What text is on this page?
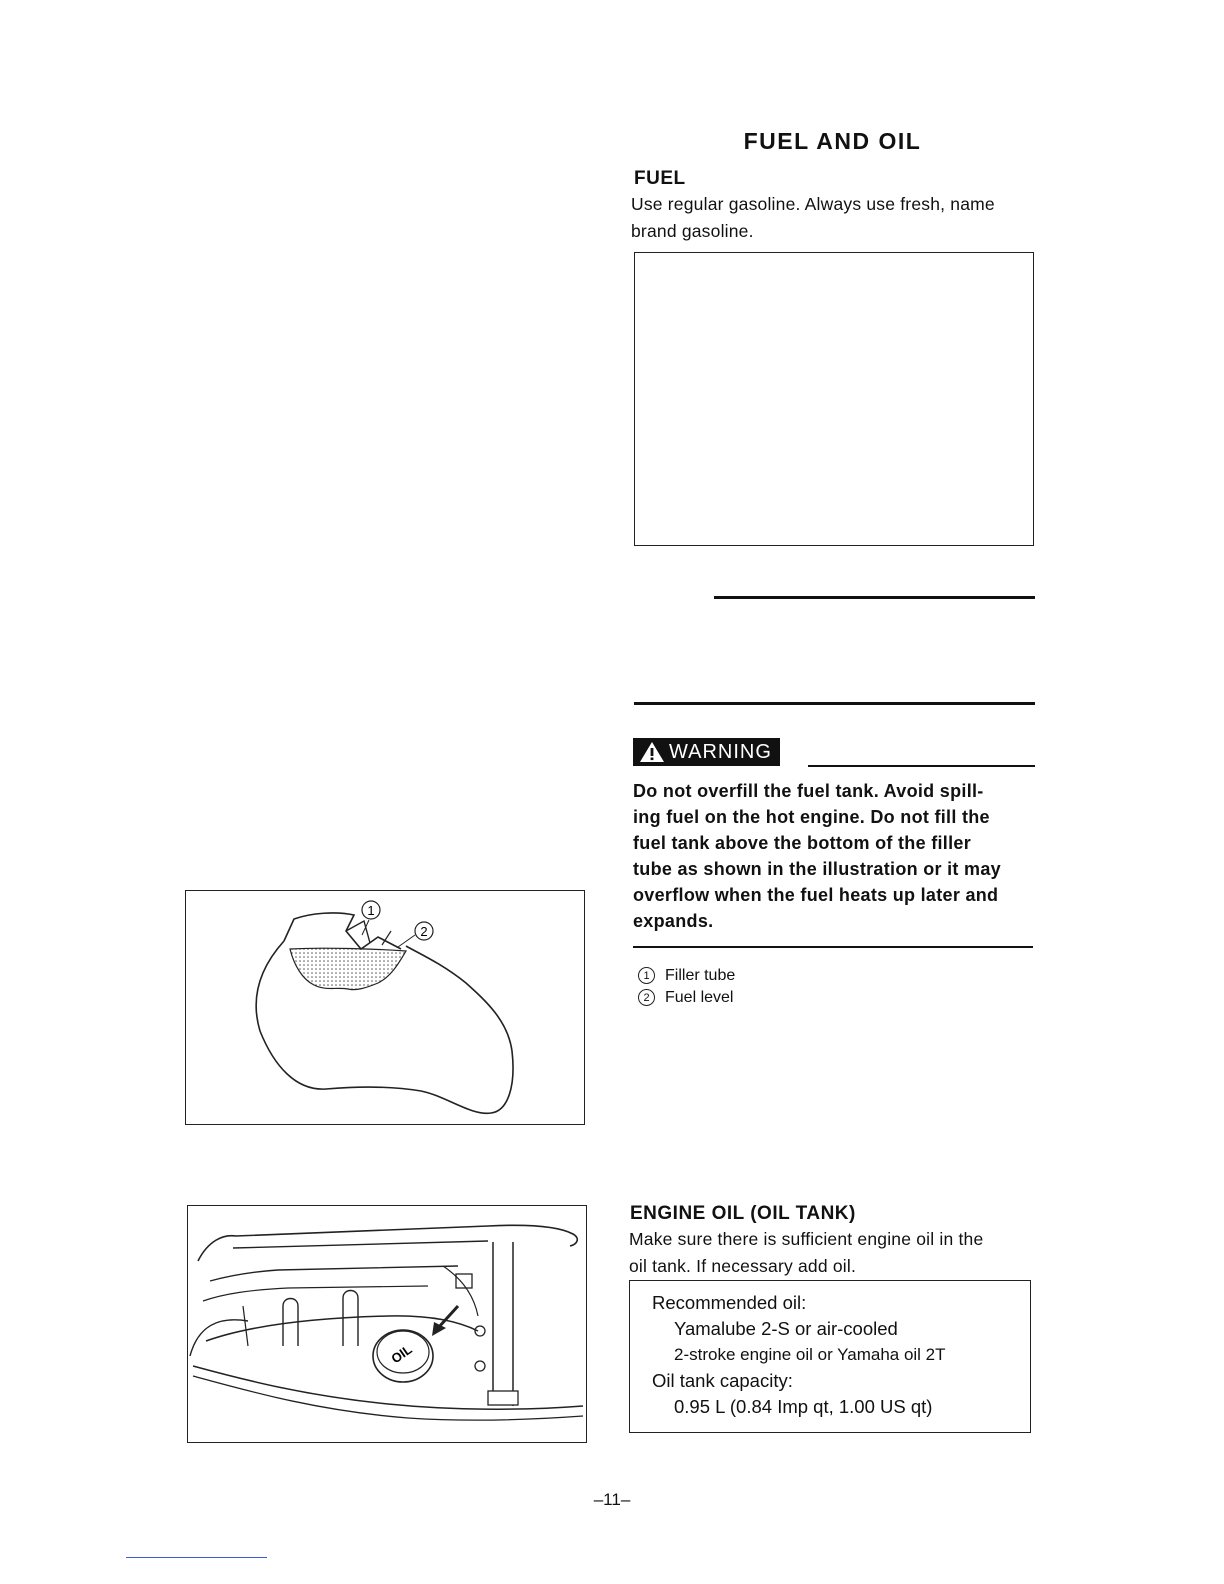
FUEL AND OIL
FUEL
Use regular gasoline. Always use fresh, name
brand gasoline.
WARNING
Do not overfill the fuel tank. Avoid spill-
ing fuel on the hot engine. Do not fill the
fuel tank above the bottom of the filler
tube as shown in the illustration or it may
overflow when the fuel heats up later and
expands.
1 Filler tube
2 Fuel level
1
2
ENGINE OIL (OIL TANK)
Make sure there is sufficient engine oil in the
oil tank. If necessary add oil.
Recommended oil:
Yamalube 2-S or air-cooled
2-stroke engine oil or Yamaha oil 2T
Oil tank capacity:
0.95 L (0.84 Imp qt, 1.00 US qt)
OIL
–11–
